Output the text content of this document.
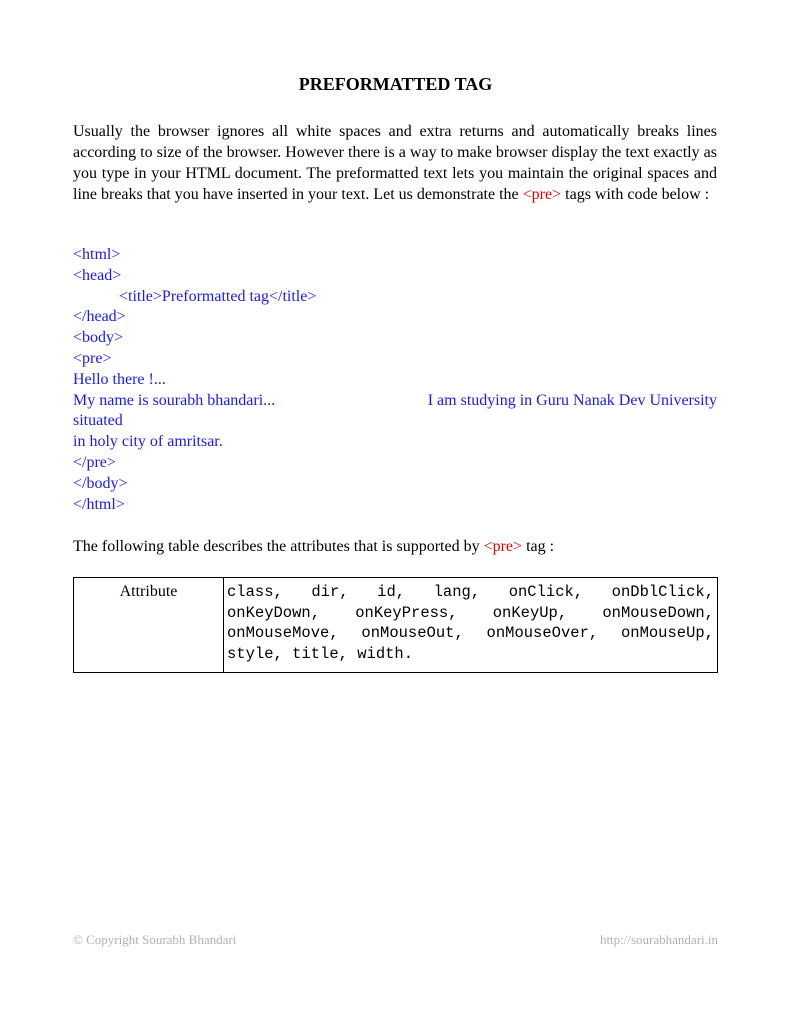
PREFORMATTED TAG
Usually the browser ignores all white spaces and extra returns and automatically breaks lines according to size of the browser. However there is a way to make browser display the text exactly as you type in your HTML document. The preformatted text lets you maintain the original spaces and line breaks that you have inserted in your text. Let us demonstrate the <pre> tags with code below :
<html>
<head>
<title>Preformatted tag</title>
</head>
<body>
<pre>
Hello there !...
My name is sourabh bhandari...	I am studying in Guru Nanak Dev University
situated
in holy city of amritsar.
</pre>
</body>
</html>
The following table describes the attributes that is supported by <pre> tag :
Attribute	class, dir, id, lang, onClick, onDblClick, onKeyDown, onKeyPress, onKeyUp, onMouseDown, onMouseMove, onMouseOut, onMouseOver, onMouseUp, style, title, width.
© Copyright Sourabh Bhandari	http://sourabhandari.in
